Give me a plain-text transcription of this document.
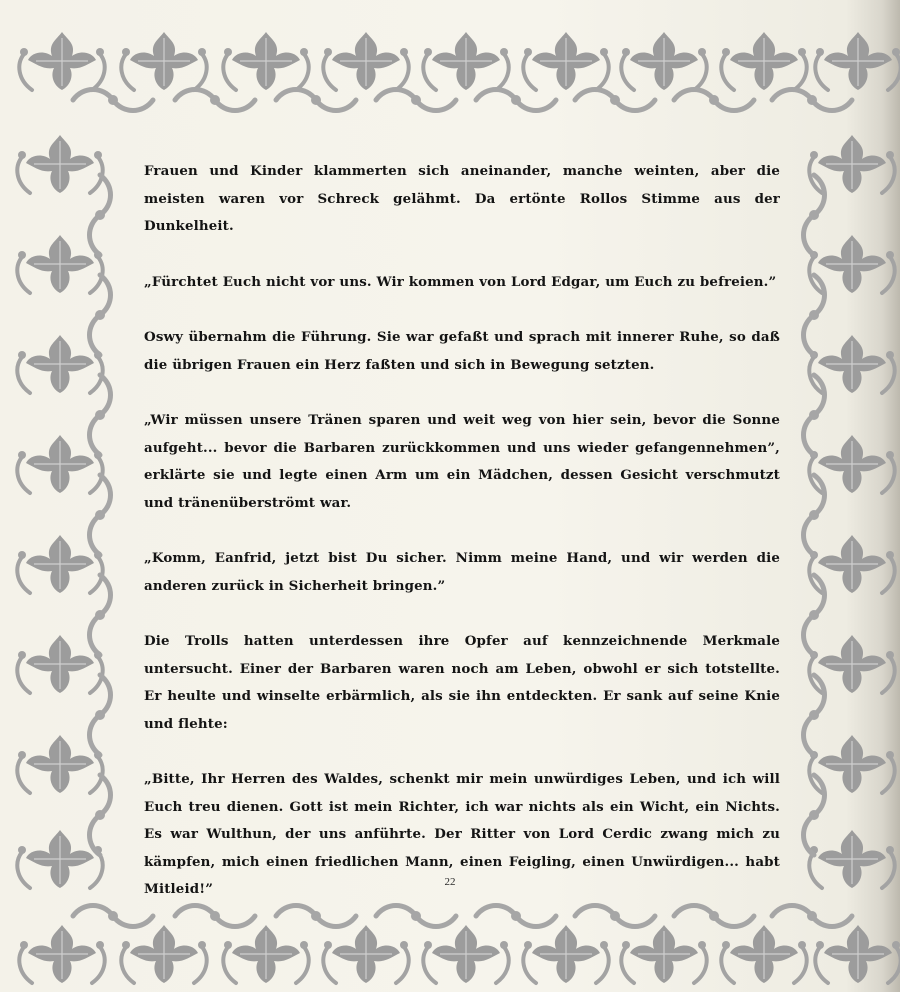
Frauen und Kinder klammerten sich aneinander, manche weinten, aber die meisten waren vor Schreck gelähmt. Da ertönte Rollos Stimme aus der Dunkelheit.

„Fürchtet Euch nicht vor uns. Wir kommen von Lord Edgar, um Euch zu befreien.”

Oswy übernahm die Führung. Sie war gefaßt und sprach mit innerer Ruhe, so daß die übrigen Frauen ein Herz faßten und sich in Bewegung setzten.

„Wir müssen unsere Tränen sparen und weit weg von hier sein, bevor die Sonne aufgeht... bevor die Barbaren zurückkommen und uns wieder gefangennehmen”, erklärte sie und legte einen Arm um ein Mädchen, dessen Gesicht verschmutzt und tränenüberströmt war.

„Komm, Eanfrid, jetzt bist Du sicher. Nimm meine Hand, und wir werden die anderen zurück in Sicherheit bringen.”

Die Trolls hatten unterdessen ihre Opfer auf kennzeichnende Merkmale untersucht. Einer der Barbaren waren noch am Leben, obwohl er sich totstellte. Er heulte und winselte erbärmlich, als sie ihn entdeckten. Er sank auf seine Knie und flehte:

„Bitte, Ihr Herren des Waldes, schenkt mir mein unwürdiges Leben, und ich will Euch treu dienen. Gott ist mein Richter, ich war nichts als ein Wicht, ein Nichts. Es war Wulthun, der uns anführte. Der Ritter von Lord Cerdic zwang mich zu kämpfen, mich einen friedlichen Mann, einen Feigling, einen Unwürdigen... habt Mitleid!”	22
